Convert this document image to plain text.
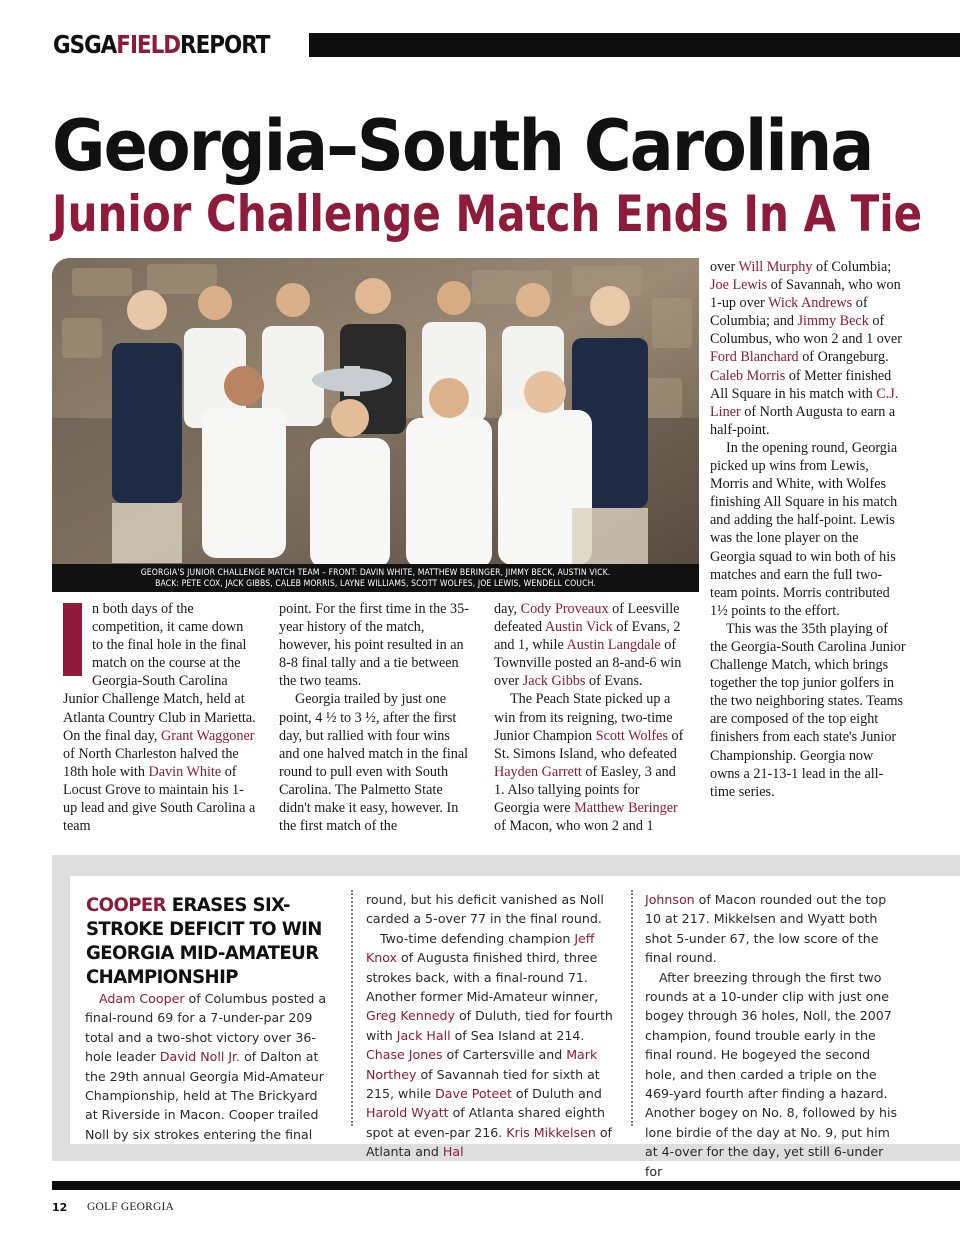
GSGAFIELDREPORT
Georgia–South Carolina
Junior Challenge Match Ends In A Tie
GEORGIA'S JUNIOR CHALLENGE MATCH TEAM – FRONT: DAVIN WHITE, MATTHEW BERINGER, JIMMY BECK, AUSTIN VICK.
BACK: PETE COX, JACK GIBBS, CALEB MORRIS, LAYNE WILLIAMS, SCOTT WOLFES, JOE LEWIS, WENDELL COUCH.

n both days of the competition, it came down to the final hole in the final match on the course at the Georgia-South Carolina Junior Challenge Match, held at Atlanta Country Club in Marietta. On the final day, Grant Waggoner of North Charleston halved the 18th hole with Davin White of Locust Grove to maintain his 1-up lead and give South Carolina a team

point. For the first time in the 35-year history of the match, however, his point resulted in an 8-8 final tally and a tie between the two teams.

Georgia trailed by just one point, 4 ½ to 3 ½, after the first day, but rallied with four wins and one halved match in the final round to pull even with South Carolina. The Palmetto State didn't make it easy, however. In the first match of the

day, Cody Proveaux of Leesville defeated Austin Vick of Evans, 2 and 1, while Austin Langdale of Townville posted an 8-and-6 win over Jack Gibbs of Evans.

The Peach State picked up a win from its reigning, two-time Junior Champion Scott Wolfes of St. Simons Island, who defeated Hayden Garrett of Easley, 3 and 1. Also tallying points for Georgia were Matthew Beringer of Macon, who won 2 and 1

over Will Murphy of Columbia; Joe Lewis of Savannah, who won 1-up over Wick Andrews of Columbia; and Jimmy Beck of Columbus, who won 2 and 1 over Ford Blanchard of Orangeburg. Caleb Morris of Metter finished All Square in his match with C.J. Liner of North Augusta to earn a half-point.

In the opening round, Georgia picked up wins from Lewis, Morris and White, with Wolfes finishing All Square in his match and adding the half-point. Lewis was the lone player on the Georgia squad to win both of his matches and earn the full two-team points. Morris contributed 1½ points to the effort.

This was the 35th playing of the Georgia-South Carolina Junior Challenge Match, which brings together the top junior golfers in the two neighboring states. Teams are composed of the top eight finishers from each state's Junior Championship. Georgia now owns a 21-13-1 lead in the all-time series.

COOPER ERASES SIX-STROKE DEFICIT TO WIN GEORGIA MID-AMATEUR CHAMPIONSHIP

Adam Cooper of Columbus posted a final-round 69 for a 7-under-par 209 total and a two-shot victory over 36-hole leader David Noll Jr. of Dalton at the 29th annual Georgia Mid-Amateur Championship, held at The Brickyard at Riverside in Macon. Cooper trailed Noll by six strokes entering the final

round, but his deficit vanished as Noll carded a 5-over 77 in the final round.

Two-time defending champion Jeff Knox of Augusta finished third, three strokes back, with a final-round 71. Another former Mid-Amateur winner, Greg Kennedy of Duluth, tied for fourth with Jack Hall of Sea Island at 214. Chase Jones of Cartersville and Mark Northey of Savannah tied for sixth at 215, while Dave Poteet of Duluth and Harold Wyatt of Atlanta shared eighth spot at even-par 216. Kris Mikkelsen of Atlanta and Hal

Johnson of Macon rounded out the top 10 at 217. Mikkelsen and Wyatt both shot 5-under 67, the low score of the final round.

After breezing through the first two rounds at a 10-under clip with just one bogey through 36 holes, Noll, the 2007 champion, found trouble early in the final round. He bogeyed the second hole, and then carded a triple on the 469-yard fourth after finding a hazard. Another bogey on No. 8, followed by his lone birdie of the day at No. 9, put him at 4-over for the day, yet still 6-under for

12 GOLF GEORGIA
